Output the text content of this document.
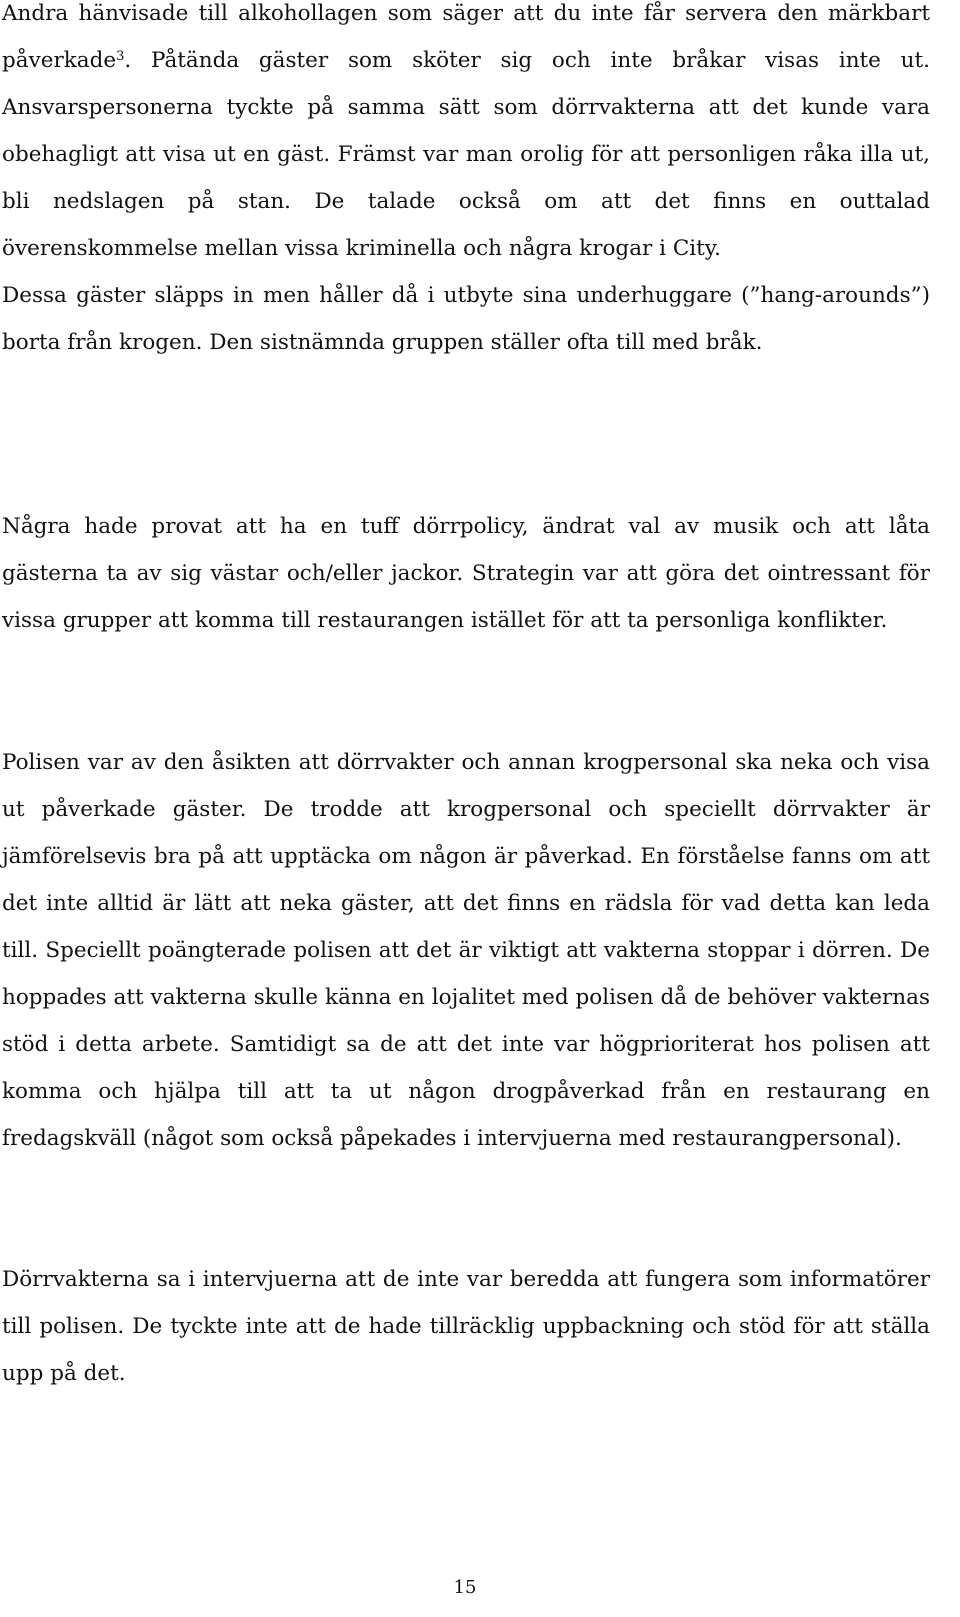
Andra hänvisade till alkohollagen som säger att du inte får servera den märkbart påverkade$^3$. Påtända gäster som sköter sig och inte bråkar visas inte ut. Ansvarspersonerna tyckte på samma sätt som dörrvakterna att det kunde vara obehagligt att visa ut en gäst. Främst var man orolig för att personligen råka illa ut, bli nedslagen på stan. De talade också om att det finns en outtalad överenskommelse mellan vissa kriminella och några krogar i City.
Dessa gäster släpps in men håller då i utbyte sina underhuggare (”hang-arounds”) borta från krogen. Den sistnämnda gruppen ställer ofta till med bråk.

Några hade provat att ha en tuff dörrpolicy, ändrat val av musik och att låta gästerna ta av sig västar och/eller jackor. Strategin var att göra det ointressant för vissa grupper att komma till restaurangen istället för att ta personliga konflikter.

Polisen var av den åsikten att dörrvakter och annan krogpersonal ska neka och visa ut påverkade gäster. De trodde att krogpersonal och speciellt dörrvakter är jämförelsevis bra på att upptäcka om någon är påverkad. En förståelse fanns om att det inte alltid är lätt att neka gäster, att det finns en rädsla för vad detta kan leda till. Speciellt poängterade polisen att det är viktigt att vakterna stoppar i dörren. De hoppades att vakterna skulle känna en lojalitet med polisen då de behöver vakternas stöd i detta arbete. Samtidigt sa de att det inte var högprioriterat hos polisen att komma och hjälpa till att ta ut någon drogpåverkad från en restaurang en fredagskväll (något som också påpekades i intervjuerna med restaurangpersonal).

Dörrvakterna sa i intervjuerna att de inte var beredda att fungera som informatörer till polisen. De tyckte inte att de hade tillräcklig uppbackning och stöd för att ställa upp på det.

15
